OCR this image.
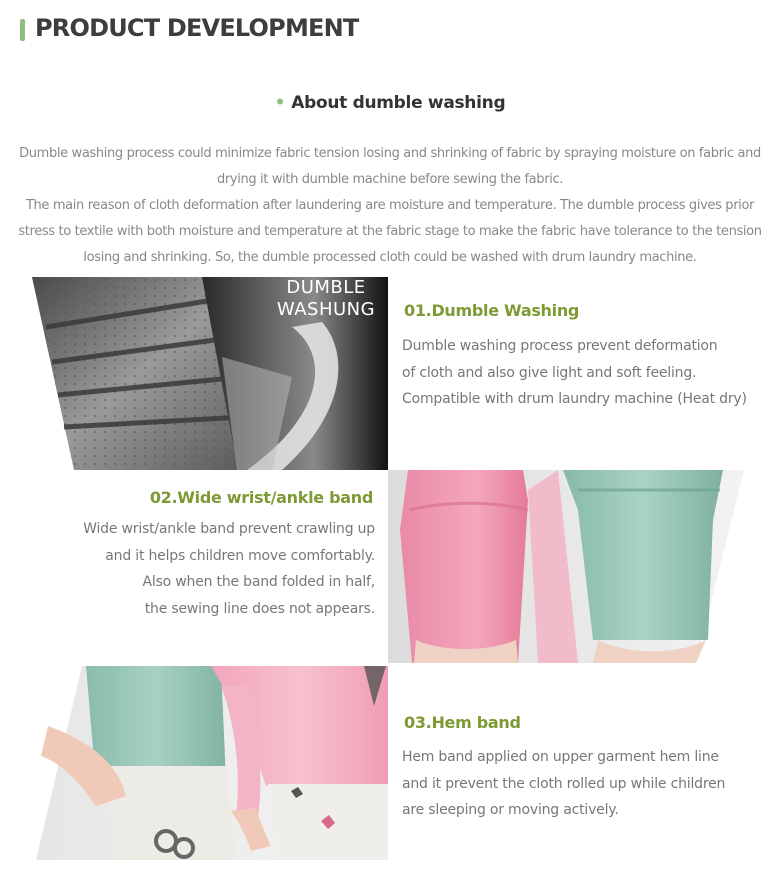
PRODUCT DEVELOPMENT
• About dumble washing

Dumble washing process could minimize fabric tension losing and shrinking of fabric by spraying moisture on fabric and

drying it with dumble machine before sewing the fabric.

The main reason of cloth deformation after laundering are moisture and temperature. The dumble process gives prior

stress to textile with both moisture and temperature at the fabric stage to make the fabric have tolerance to the tension

losing and shrinking. So, the dumble processed cloth could be washed with drum laundry machine.

DUMBLE
WASHUNG	01.Dumble Washing

Dumble washing process prevent deformation

of cloth and also give light and soft feeling.

Compatible with drum laundry machine (Heat dry)

02.Wide wrist/ankle band

Wide wrist/ankle band prevent crawling up

and it helps children move comfortably.

Also when the band folded in half,

the sewing line does not appears.

03.Hem band

Hem band applied on upper garment hem line

and it prevent the cloth rolled up while children

are sleeping or moving actively.
